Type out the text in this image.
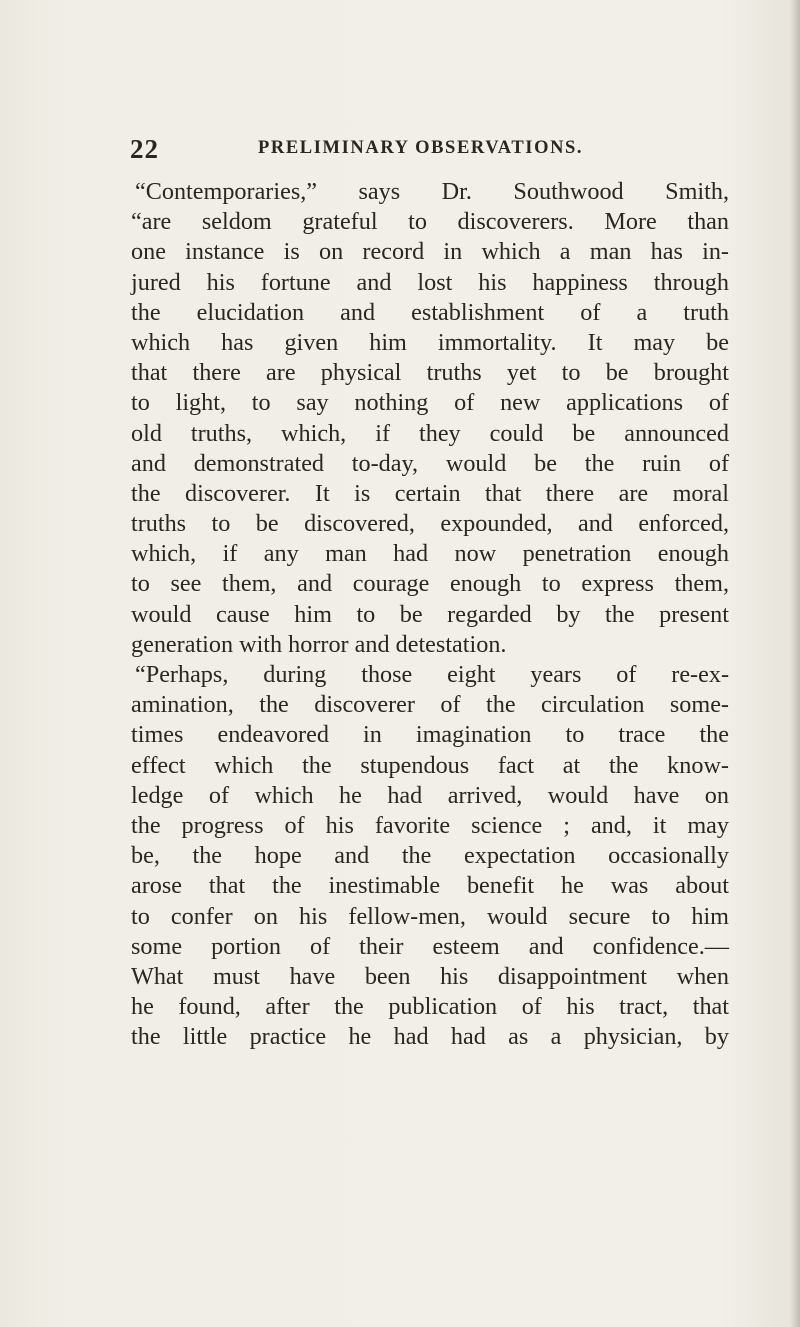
22	PRELIMINARY OBSERVATIONS.
“Contemporaries,” says Dr. Southwood Smith,
“are seldom grateful to discoverers. More than
one instance is on record in which a man has in-
jured his fortune and lost his happiness through
the elucidation and establishment of a truth
which has given him immortality. It may be
that there are physical truths yet to be brought
to light, to say nothing of new applications of
old truths, which, if they could be announced
and demonstrated to-day, would be the ruin of
the discoverer. It is certain that there are moral
truths to be discovered, expounded, and enforced,
which, if any man had now penetration enough
to see them, and courage enough to express them,
would cause him to be regarded by the present
generation with horror and detestation.
“Perhaps, during those eight years of re-ex-
amination, the discoverer of the circulation some-
times endeavored in imagination to trace the
effect which the stupendous fact at the know-
ledge of which he had arrived, would have on
the progress of his favorite science ; and, it may
be, the hope and the expectation occasionally
arose that the inestimable benefit he was about
to confer on his fellow-men, would secure to him
some portion of their esteem and confidence.—
What must have been his disappointment when
he found, after the publication of his tract, that
the little practice he had had as a physician, by
